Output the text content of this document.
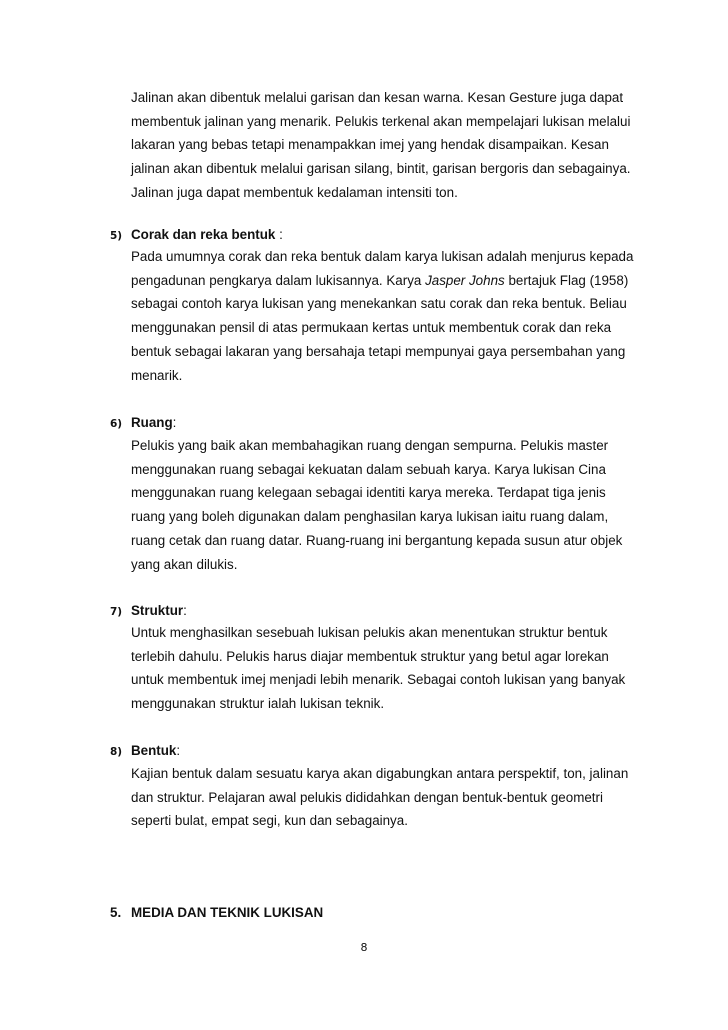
Jalinan akan dibentuk melalui garisan dan kesan warna. Kesan Gesture juga dapat
membentuk jalinan yang menarik. Pelukis terkenal akan mempelajari lukisan melalui
lakaran yang bebas tetapi menampakkan imej yang hendak disampaikan. Kesan
jalinan akan dibentuk melalui garisan silang, bintit, garisan bergoris dan sebagainya.
Jalinan juga dapat membentuk kedalaman intensiti ton.
5) Corak dan reka bentuk :
Pada umumnya corak dan reka bentuk dalam karya lukisan adalah menjurus kepada
pengadunan pengkarya dalam lukisannya. Karya Jasper Johns bertajuk Flag (1958)
sebagai contoh karya lukisan yang menekankan satu corak dan reka bentuk. Beliau
menggunakan pensil di atas permukaan kertas untuk membentuk corak dan reka
bentuk sebagai lakaran yang bersahaja tetapi mempunyai gaya persembahan yang
menarik.
6) Ruang:
Pelukis yang baik akan membahagikan ruang dengan sempurna. Pelukis master
menggunakan ruang sebagai kekuatan dalam sebuah karya. Karya lukisan Cina
menggunakan ruang kelegaan sebagai identiti karya mereka. Terdapat tiga jenis
ruang yang boleh digunakan dalam penghasilan karya lukisan iaitu ruang dalam,
ruang cetak dan ruang datar. Ruang-ruang ini bergantung kepada susun atur objek
yang akan dilukis.
7) Struktur:
Untuk menghasilkan sesebuah lukisan pelukis akan menentukan struktur bentuk
terlebih dahulu. Pelukis harus diajar membentuk struktur yang betul agar lorekan
untuk membentuk imej menjadi lebih menarik. Sebagai contoh lukisan yang banyak
menggunakan struktur ialah lukisan teknik.
8) Bentuk:
Kajian bentuk dalam sesuatu karya akan digabungkan antara perspektif, ton, jalinan
dan struktur. Pelajaran awal pelukis dididahkan dengan bentuk-bentuk geometri
seperti bulat, empat segi, kun dan sebagainya.
5. MEDIA DAN TEKNIK LUKISAN
8
